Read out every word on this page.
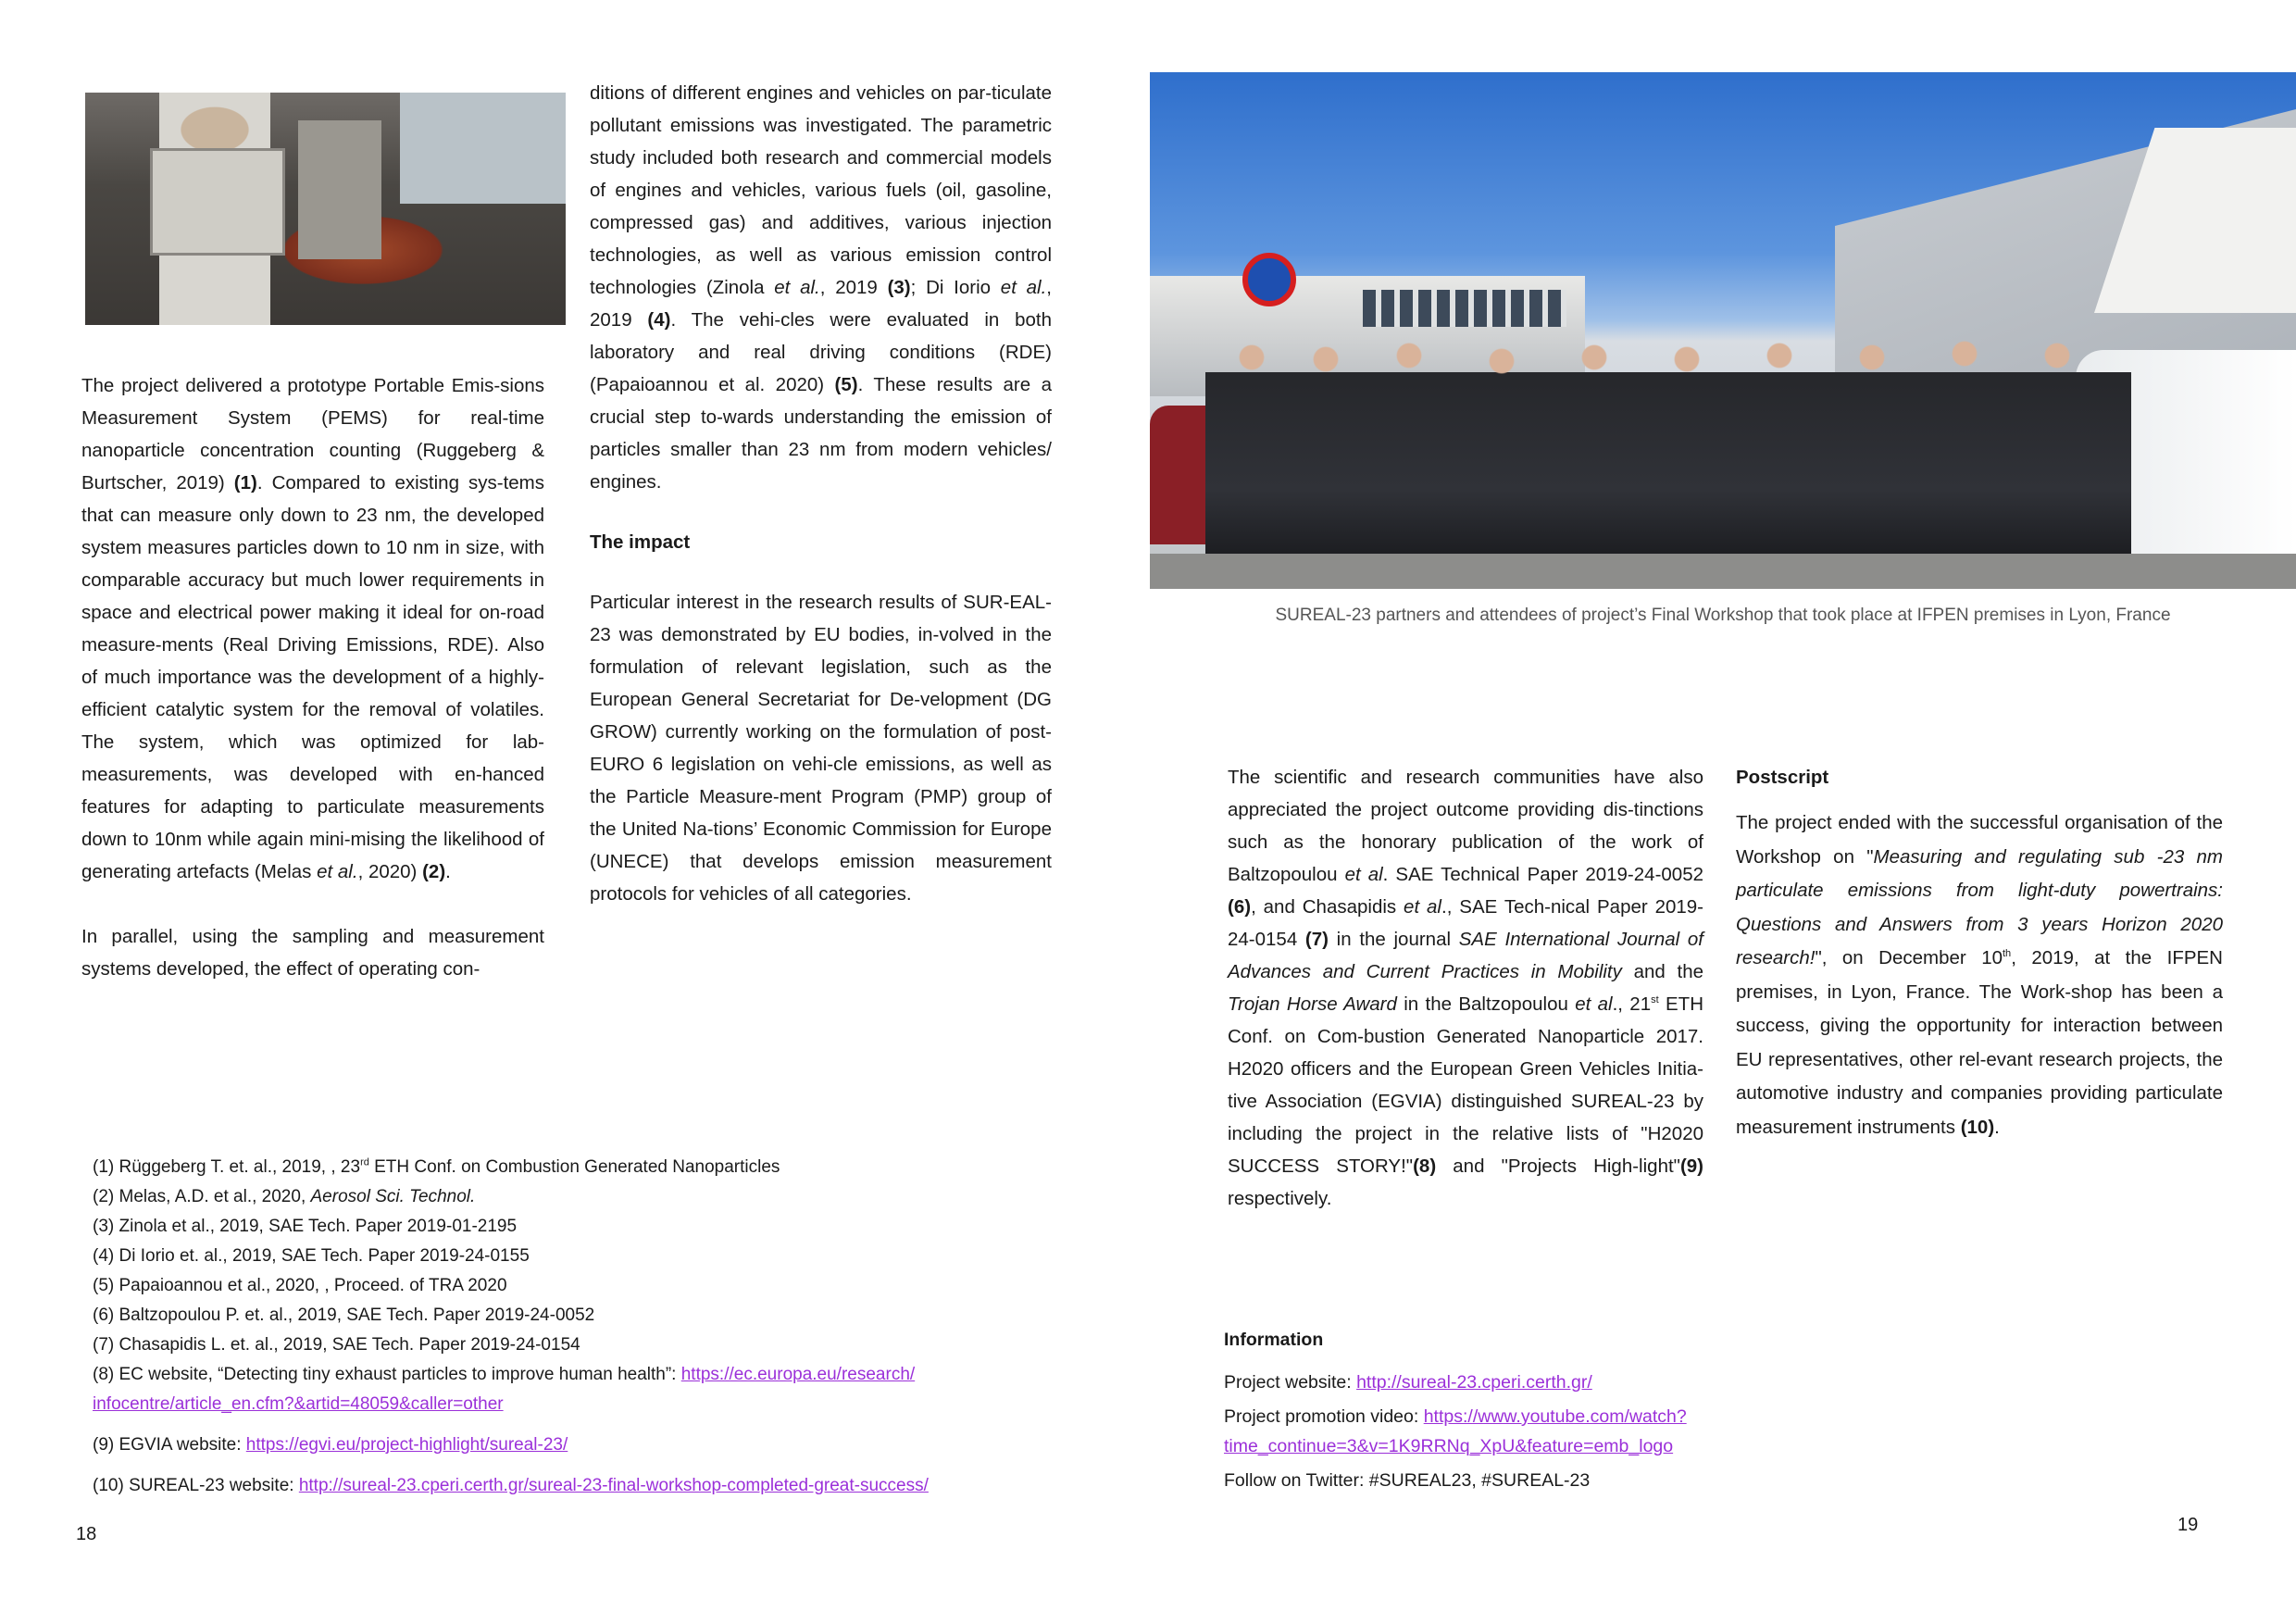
The project delivered a prototype Portable Emis-sions Measurement System (PEMS) for real-time nanoparticle concentration counting (Ruggeberg & Burtscher, 2019) (1). Compared to existing sys-tems that can measure only down to 23 nm, the developed system measures particles down to 10 nm in size, with comparable accuracy but much lower requirements in space and electrical power making it ideal for on-road measure-ments (Real Driving Emissions, RDE). Also of much importance was the development of a highly-efficient catalytic system for the removal of volatiles. The system, which was optimized for lab-measurements, was developed with en-hanced features for adapting to particulate measurements down to 10nm while again mini-mising the likelihood of generating artefacts (Melas et al., 2020) (2).

In parallel, using the sampling and measurement systems developed, the effect of operating con-

ditions of different engines and vehicles on par-ticulate pollutant emissions was investigated. The parametric study included both research and commercial models of engines and vehicles, various fuels (oil, gasoline, compressed gas) and additives, various injection technologies, as well as various emission control technologies (Zinola et al., 2019 (3); Di Iorio et al., 2019 (4). The vehi-cles were evaluated in both laboratory and real driving conditions (RDE) (Papaioannou et al. 2020) (5). These results are a crucial step to-wards understanding the emission of particles smaller than 23 nm from modern vehicles/ engines.

The impact

Particular interest in the research results of SUR-EAL-23 was demonstrated by EU bodies, in-volved in the formulation of relevant legislation, such as the European General Secretariat for De-velopment (DG GROW) currently working on the formulation of post-EURO 6 legislation on vehi-cle emissions, as well as the Particle Measure-ment Program (PMP) group of the United Na-tions’ Economic Commission for Europe (UNECE) that develops emission measurement protocols for vehicles of all categories.

(1) Rüggeberg T. et. al., 2019, , 23rd ETH Conf. on Combustion Generated Nanoparticles
(2) Melas, A.D. et al., 2020, Aerosol Sci. Technol.
(3) Zinola et al., 2019, SAE Tech. Paper 2019-01-2195
(4) Di Iorio et. al., 2019, SAE Tech. Paper 2019-24-0155
(5) Papaioannou et al., 2020, , Proceed. of TRA 2020
(6) Baltzopoulou P. et. al., 2019, SAE Tech. Paper 2019-24-0052
(7) Chasapidis L. et. al., 2019, SAE Tech. Paper 2019-24-0154
(8) EC website, “Detecting tiny exhaust particles to improve human health”: https://ec.europa.eu/research/ infocentre/article_en.cfm?&artid=48059&caller=other
(9) EGVIA website: https://egvi.eu/project-highlight/sureal-23/
(10) SUREAL-23 website: http://sureal-23.cperi.certh.gr/sureal-23-final-workshop-completed-great-success/
18
SUREAL-23 partners and attendees of project’s Final Workshop that took place at IFPEN premises in Lyon, France

The scientific and research communities have also appreciated the project outcome providing dis-tinctions such as the honorary publication of the work of Baltzopoulou et al. SAE Technical Paper 2019-24-0052 (6), and Chasapidis et al., SAE Tech-nical Paper 2019-24-0154 (7) in the journal SAE International Journal of Advances and Current Practices in Mobility and the Trojan Horse Award in the Baltzopoulou et al., 21st ETH Conf. on Com-bustion Generated Nanoparticle 2017. H2020 officers and the European Green Vehicles Initia-tive Association (EGVIA) distinguished SUREAL-23 by including the project in the relative lists of "H2020 SUCCESS STORY!"(8) and "Projects High-light"(9) respectively.

Postscript

The project ended with the successful organisation of the Workshop on "Measuring and regulating sub -23 nm particulate emissions from light-duty powertrains: Questions and Answers from 3 years Horizon 2020 research!", on December 10th, 2019, at the IFPEN premises, in Lyon, France. The Work-shop has been a success, giving the opportunity for interaction between EU representatives, other rel-evant research projects, the automotive industry and companies providing particulate measurement instruments (10).

Information
Project website: http://sureal-23.cperi.certh.gr/
Project promotion video: https://www.youtube.com/watch? time_continue=3&v=1K9RRNq_XpU&feature=emb_logo
Follow on Twitter: #SUREAL23, #SUREAL-23
19
